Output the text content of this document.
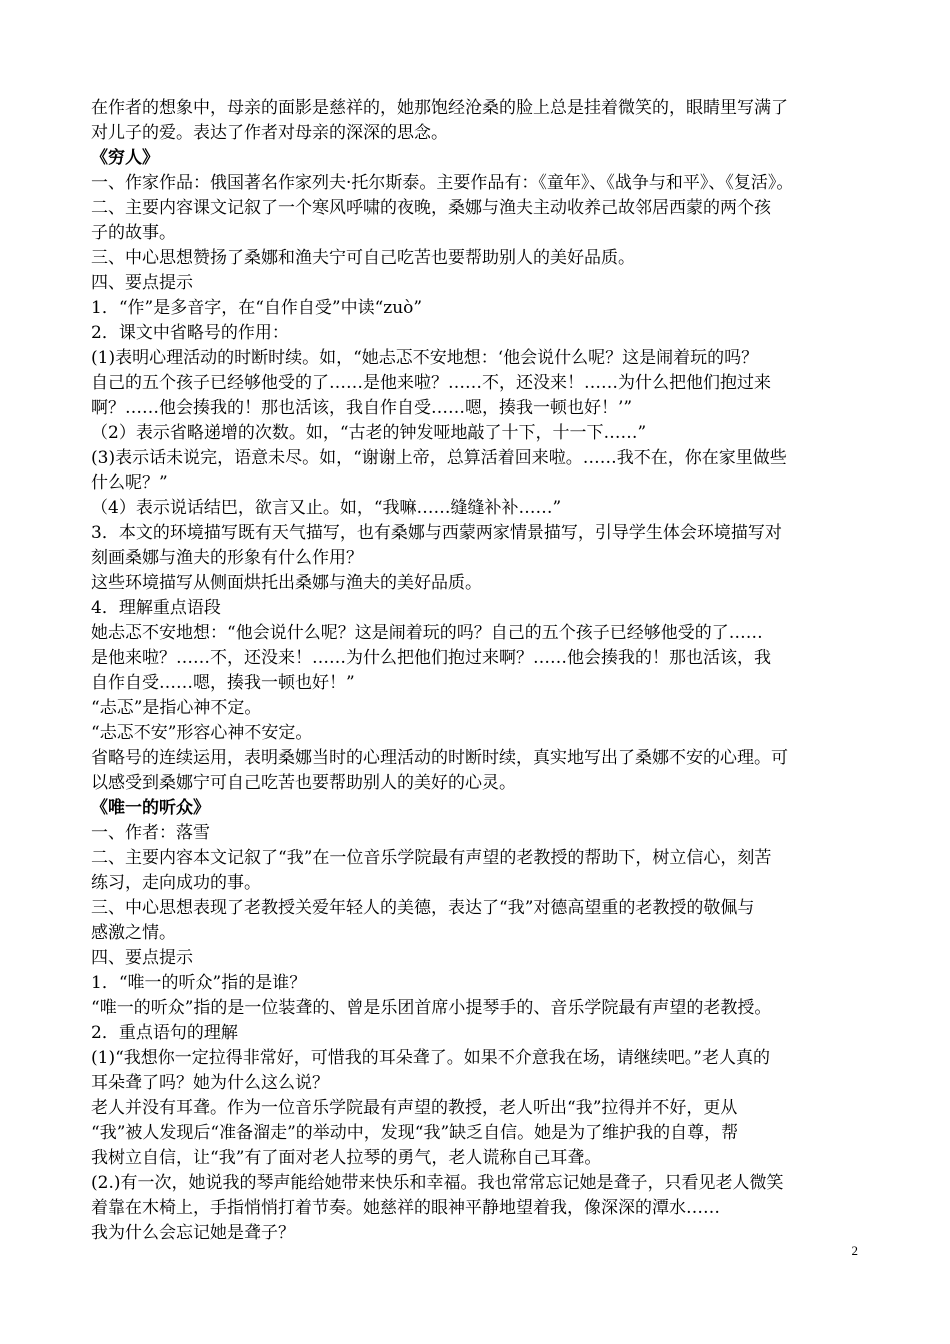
在作者的想象中，母亲的面影是慈祥的，她那饱经沧桑的脸上总是挂着微笑的，眼睛里写满了
对儿子的爱。表达了作者对母亲的深深的思念。
《穷人》
一、作家作品：俄国著名作家列夫·托尔斯泰。主要作品有：《童年》、《战争与和平》、《复活》。
二、主要内容课文记叙了一个寒风呼啸的夜晚，桑娜与渔夫主动收养己故邻居西蒙的两个孩
子的故事。
三、中心思想赞扬了桑娜和渔夫宁可自己吃苦也要帮助别人的美好品质。
四、要点提示
1．“作”是多音字，在“自作自受”中读“zuò”
2．课文中省略号的作用：
(1)表明心理活动的时断时续。如，“她忐忑不安地想：‘他会说什么呢？这是闹着玩的吗？
自己的五个孩子已经够他受的了……是他来啦？……不，还没来！……为什么把他们抱过来
啊？……他会揍我的！那也活该，我自作自受……嗯，揍我一顿也好！’”
（2）表示省略递增的次数。如，“古老的钟发哑地敲了十下，十一下……”
(3)表示话未说完，语意未尽。如，“谢谢上帝，总算活着回来啦。……我不在，你在家里做些
什么呢？”
（4）表示说话结巴，欲言又止。如，“我嘛……缝缝补补……”
3．本文的环境描写既有天气描写，也有桑娜与西蒙两家情景描写，引导学生体会环境描写对
刻画桑娜与渔夫的形象有什么作用？
这些环境描写从侧面烘托出桑娜与渔夫的美好品质。
4．理解重点语段
她忐忑不安地想：“他会说什么呢？这是闹着玩的吗？自己的五个孩子已经够他受的了……
是他来啦？……不，还没来！……为什么把他们抱过来啊？……他会揍我的！那也活该，我
自作自受……嗯，揍我一顿也好！”
“忐忑”是指心神不定。
“忐忑不安”形容心神不安定。
省略号的连续运用，表明桑娜当时的心理活动的时断时续，真实地写出了桑娜不安的心理。可
以感受到桑娜宁可自己吃苦也要帮助别人的美好的心灵。
《唯一的听众》
一、作者：落雪
二、主要内容本文记叙了“我”在一位音乐学院最有声望的老教授的帮助下，树立信心，刻苦
练习，走向成功的事。
三、中心思想表现了老教授关爱年轻人的美德，表达了“我”对德高望重的老教授的敬佩与
感激之情。
四、要点提示
1．“唯一的听众”指的是谁？
“唯一的听众”指的是一位装聋的、曾是乐团首席小提琴手的、音乐学院最有声望的老教授。
2．重点语句的理解
(1)“我想你一定拉得非常好，可惜我的耳朵聋了。如果不介意我在场，请继续吧。”老人真的
耳朵聋了吗？她为什么这么说？
老人并没有耳聋。作为一位音乐学院最有声望的教授，老人听出“我”拉得并不好，更从
“我”被人发现后“准备溜走”的举动中，发现“我”缺乏自信。她是为了维护我的自尊，帮
我树立自信，让“我”有了面对老人拉琴的勇气，老人谎称自己耳聋。
(2.)有一次，她说我的琴声能给她带来快乐和幸福。我也常常忘记她是聋子，只看见老人微笑
着靠在木椅上，手指悄悄打着节奏。她慈祥的眼神平静地望着我，像深深的潭水……
我为什么会忘记她是聋子？
2
